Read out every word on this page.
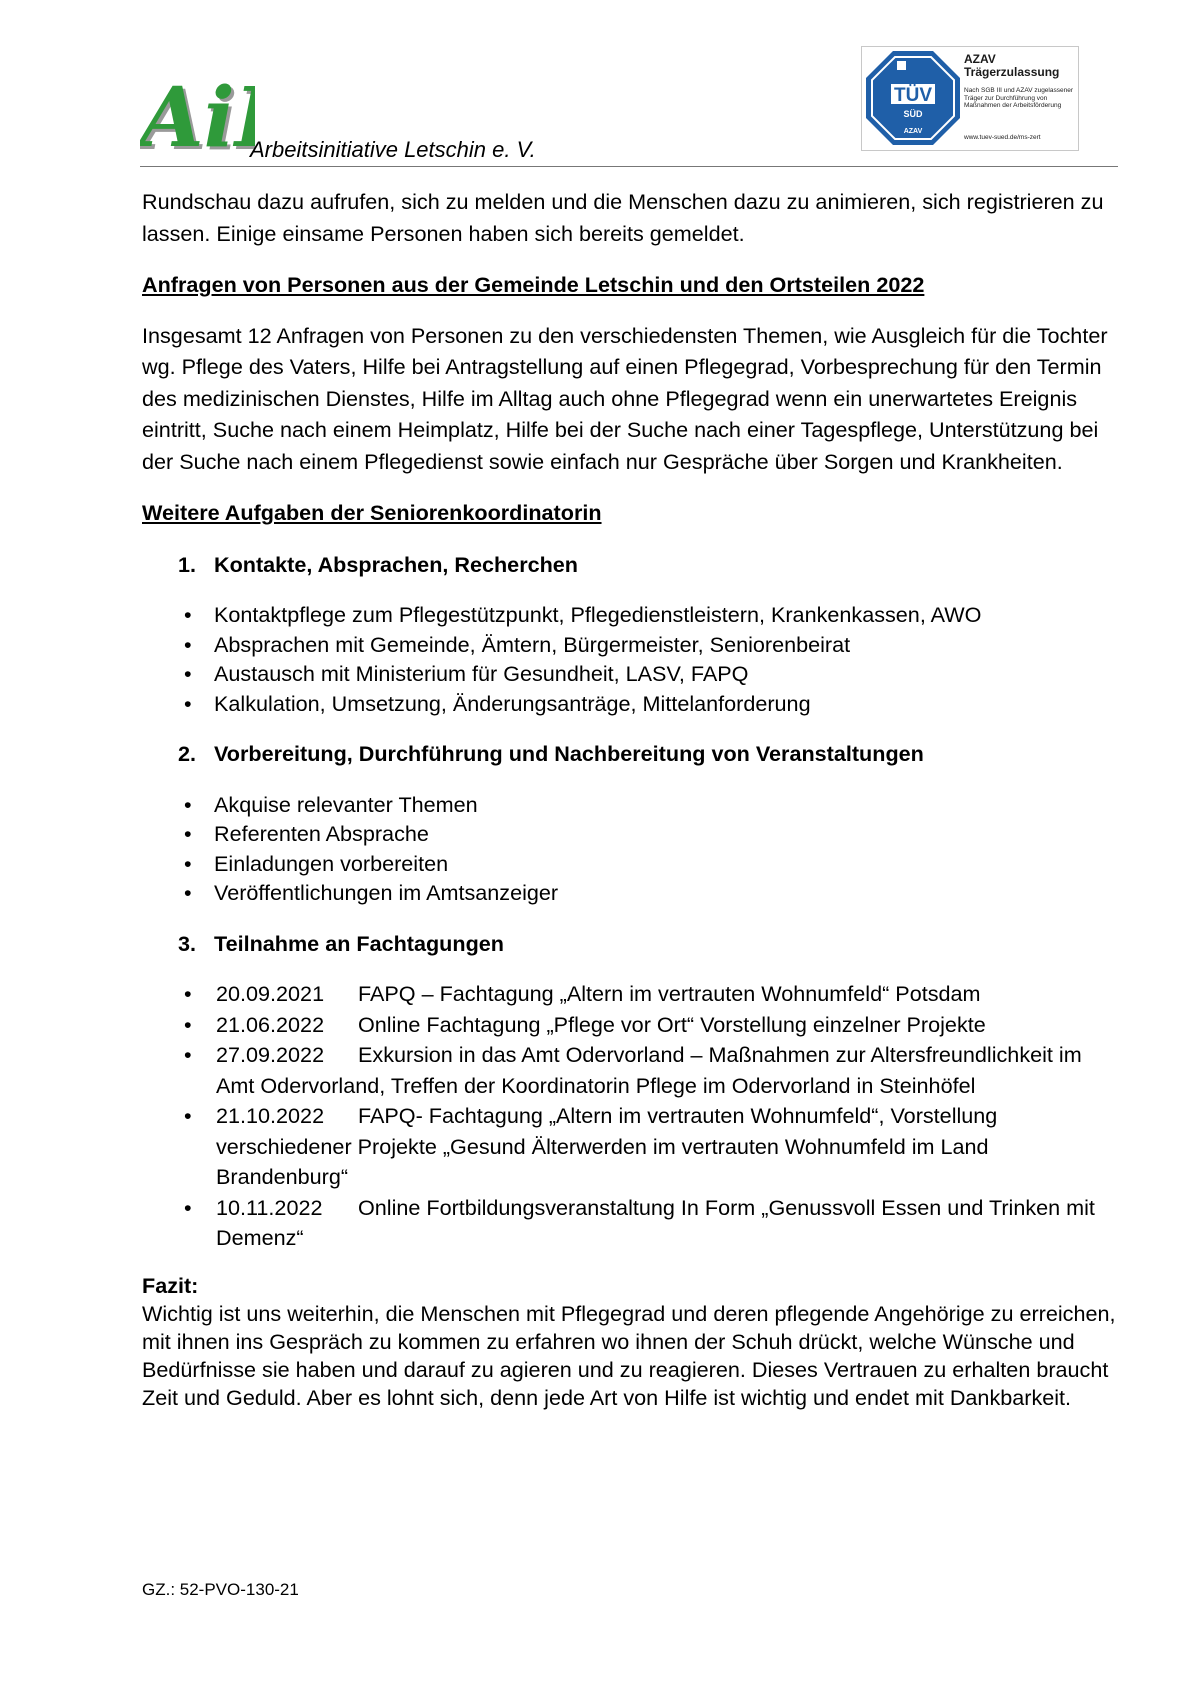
Ai
Ai Arbeitsinitiative Letschin e. V.
TÜV
SÜD
AZAV
AZAV
Trägerzulassung
Nach SGB III und AZAV zugelassener Träger zur Durchführung von Maßnahmen der Arbeitsförderung
www.tuev-sued.de/ms-zert

Rundschau dazu aufrufen, sich zu melden und die Menschen dazu zu animieren, sich registrieren zu lassen. Einige einsame Personen haben sich bereits gemeldet.

Anfragen von Personen aus der Gemeinde Letschin und den Ortsteilen 2022

Insgesamt 12 Anfragen von Personen zu den verschiedensten Themen, wie Ausgleich für die Tochter wg. Pflege des Vaters, Hilfe bei Antragstellung auf einen Pflegegrad, Vorbesprechung für den Termin des medizinischen Dienstes, Hilfe im Alltag auch ohne Pflegegrad wenn ein unerwartetes Ereignis eintritt, Suche nach einem Heimplatz, Hilfe bei der Suche nach einer Tagespflege, Unterstützung bei der Suche nach einem Pflegedienst sowie einfach nur Gespräche über Sorgen und Krankheiten.

Weitere Aufgaben der Seniorenkoordinatorin

1. Kontakte, Absprachen, Recherchen
• Kontaktpflege zum Pflegestützpunkt, Pflegedienstleistern, Krankenkassen, AWO
• Absprachen mit Gemeinde, Ämtern, Bürgermeister, Seniorenbeirat
• Austausch mit Ministerium für Gesundheit, LASV, FAPQ
• Kalkulation, Umsetzung, Änderungsanträge, Mittelanforderung
2. Vorbereitung, Durchführung und Nachbereitung von Veranstaltungen
• Akquise relevanter Themen
• Referenten Absprache
• Einladungen vorbereiten
• Veröffentlichungen im Amtsanzeiger
3. Teilnahme an Fachtagungen
• 20.09.2021 FAPQ – Fachtagung „Altern im vertrauten Wohnumfeld“ Potsdam
• 21.06.2022 Online Fachtagung „Pflege vor Ort“ Vorstellung einzelner Projekte
• 27.09.2022 Exkursion in das Amt Odervorland – Maßnahmen zur Altersfreundlichkeit im Amt Odervorland, Treffen der Koordinatorin Pflege im Odervorland in Steinhöfel
• 21.10.2022 FAPQ- Fachtagung „Altern im vertrauten Wohnumfeld“, Vorstellung verschiedener Projekte „Gesund Älterwerden im vertrauten Wohnumfeld im Land Brandenburg“
• 10.11.2022 Online Fortbildungsveranstaltung In Form „Genussvoll Essen und Trinken mit Demenz“

Fazit:

Wichtig ist uns weiterhin, die Menschen mit Pflegegrad und deren pflegende Angehörige zu erreichen, mit ihnen ins Gespräch zu kommen zu erfahren wo ihnen der Schuh drückt, welche Wünsche und Bedürfnisse sie haben und darauf zu agieren und zu reagieren. Dieses Vertrauen zu erhalten braucht Zeit und Geduld. Aber es lohnt sich, denn jede Art von Hilfe ist wichtig und endet mit Dankbarkeit.

GZ.: 52-PVO-130-21
